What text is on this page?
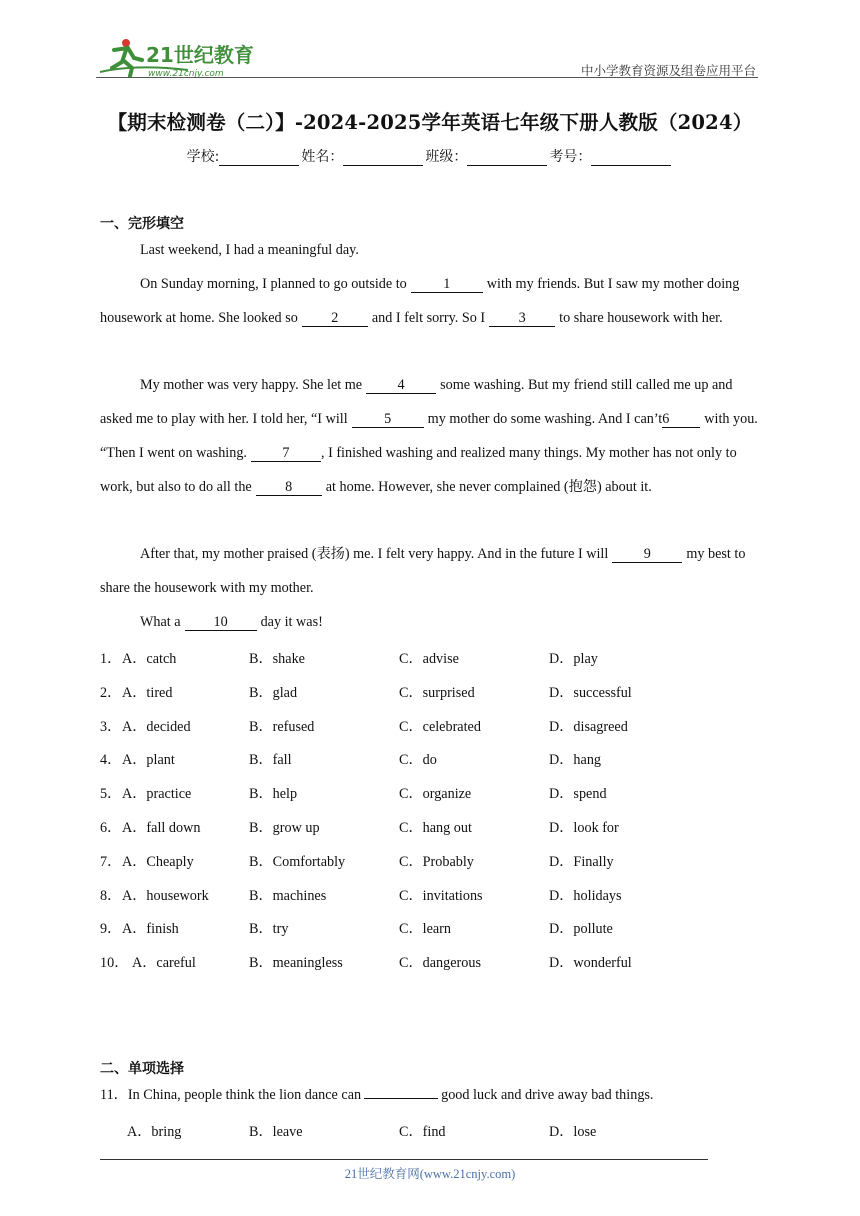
21世纪教育
www.21cnjy.com	中小学教育资源及组卷应用平台
【期末检测卷（二）】-2024-2025学年英语七年级下册人教版（2024）
学校:	姓名：	班级：	考号：
一、完形填空
Last weekend, I had a meaningful day.
On Sunday morning, I planned to go outside to	1	with my friends. But I saw my mother doing housework at home. She looked so 2 and I felt sorry. So I 3 to share housework with her.
My mother was very happy. She let me 4 some washing. But my friend still called me up and asked me to play with her. I told her, “I will	5	my mother do some washing. And I can’t6 with you. “Then I went on washing. 7 , I finished washing and realized many things. My mother has not only to work, but also to do all the 8 at home. However, she never complained (抱怨) about it.
After that, my mother praised (表扬) me. I felt very happy. And in the future I will 9 my best to share the housework with my mother.
What a 10 day it was!
1． A．catch	B．shake	C．advise	D．play
2． A．tired	B．glad	C．surprised	D．successful
3． A．decided	B．refused	C．celebrated	D．disagreed
4． A．plant	B．fall	C．do	D．hang
5． A．practice	B．help	C．organize	D．spend
6． A．fall down	B．grow up	C．hang out	D．look for
7． A．Cheaply	B．Comfortably	C．Probably	D．Finally
8． A．housework	B．machines	C．invitations	D．holidays
9． A．finish	B．try	C．learn	D．pollute
10． A．careful	B．meaningless	C．dangerous	D．wonderful
二、单项选择
11．In China, people think the lion dance can	good luck and drive away bad things.
A．bring	B．leave	C．find	D．lose
21世纪教育网(www.21cnjy.com)
